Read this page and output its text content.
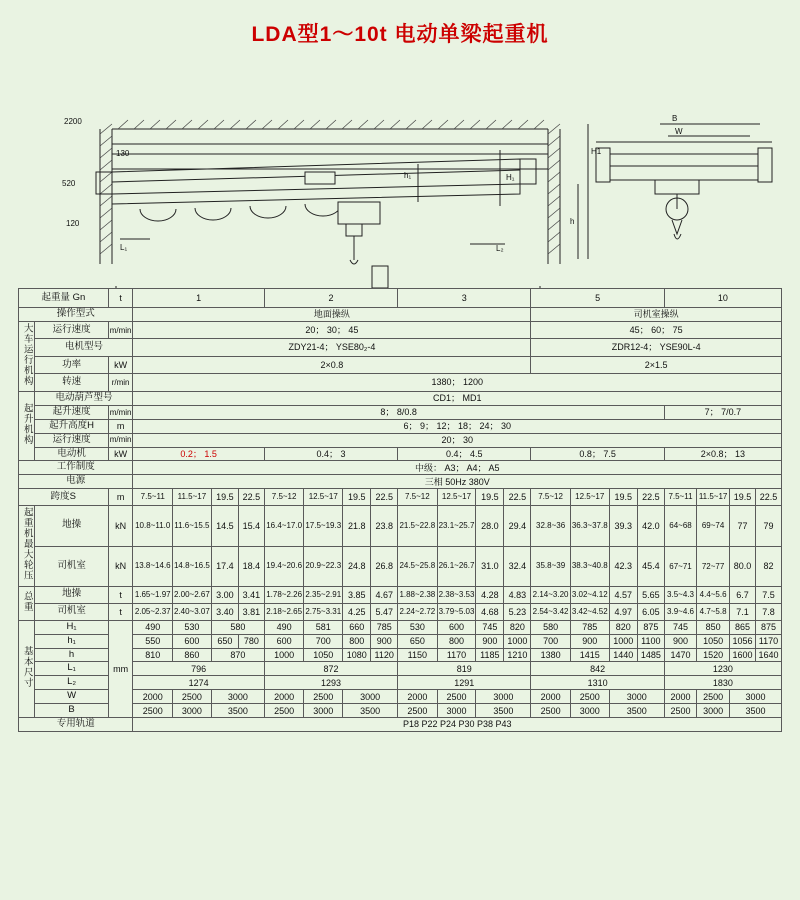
LDA型1～10t 电动单梁起重机
2200
130
520
120
h₁	H₁
L₁	L₂
B
W
H1
h
起重量 Gn		t	1				2				3				5				10			
操作型式			地面操纵												司机室操纵							
大车运行机构	运行速度	m/min	20； 30； 45												45； 60； 75							
	电机型号		ZDY21-4； YSE80₂-4												ZDR12-4； YSE90L-4							
	功率	kW	2×0.8												2×1.5							
	转速	r/min	1380； 1200																			
起升机构	电动葫芦型号		CD1； MD1																			
	起升速度	m/min	8； 8/0.8																7； 7/0.7			
	起升高度H	m	6； 9； 12； 18； 24； 30																			
	运行速度	m/min	20； 30																			
	电动机	kW	0.2； 1.5				0.4； 3				0.4； 4.5				0.8； 7.5				2×0.8； 13			
工作制度			中级： A3； A4； A5																			
电源			三相 50Hz 380V																			
跨度S		m	7.5~11	11.5~17	19.5	22.5	7.5~12	12.5~17	19.5	22.5	7.5~12	12.5~17	19.5	22.5	7.5~12	12.5~17	19.5	22.5	7.5~11	11.5~17	19.5	22.5
起重机最大轮压	地操	kN	10.8~11.0	11.6~15.5	14.5	15.4	16.4~17.0	17.5~19.3	21.8	23.8	21.5~22.8	23.1~25.7	28.0	29.4	32.8~36	36.3~37.8	39.3	42.0	64~68	69~74	77	79
	司机室	kN	13.8~14.6	14.8~16.5	17.4	18.4	19.4~20.6	20.9~22.3	24.8	26.8	24.5~25.8	26.1~26.7	31.0	32.4	35.8~39	38.3~40.8	42.3	45.4	67~71	72~77	80.0	82
总重	地操	t	1.65~1.97	2.00~2.67	3.00	3.41	1.78~2.26	2.35~2.91	3.85	4.67	1.88~2.38	2.38~3.53	4.28	4.83	2.14~3.20	3.02~4.12	4.57	5.65	3.5~4.3	4.4~5.6	6.7	7.5
	司机室	t	2.05~2.37	2.40~3.07	3.40	3.81	2.18~2.65	2.75~3.31	4.25	5.47	2.24~2.72	3.79~5.03	4.68	5.23	2.54~3.42	3.42~4.52	4.97	6.05	3.9~4.6	4.7~5.8	7.1	7.8
基本尺寸	H₁	mm	490	530	580		490	581	660	785	530	600	745	820	580	785	820	875	745	850	865	875
	h₁		550	600	650	780	600	700	800	900	650	800	900	1000	700	900	1000	1100	900	1050	1056	1170
	h		810	860	870		1000	1050	1080	1120	1150	1170	1185	1210	1380	1415	1440	1485	1470	1520	1600	1640
	L₁		796				872				819				842				1230			
	L₂		1274				1293				1291				1310				1830			
	W		2000	2500	3000		2000	2500	3000		2000	2500	3000		2000	2500	3000		2000	2500	3000	
	B		2500	3000	3500		2500	3000	3500		2500	3000	3500		2500	3000	3500		2500	3000	3500	
专用轨道			P18 P22 P24 P30 P38 P43																			
